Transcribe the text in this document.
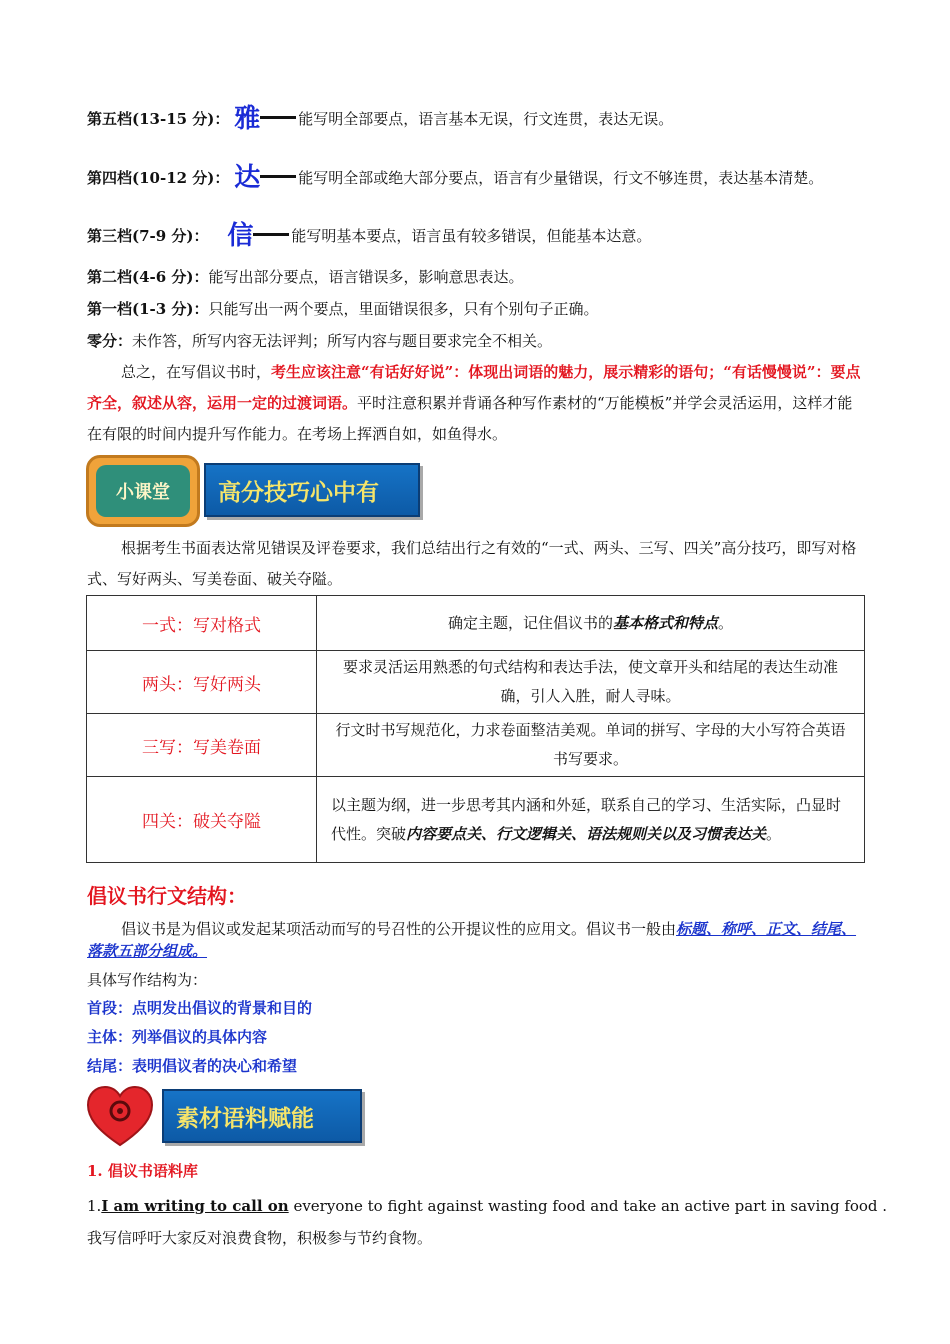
第五档(13-15 分)： 雅	能写明全部要点，语言基本无误，行文连贯，表达无误。
第四档(10-12 分)： 达	能写明全部或绝大部分要点，语言有少量错误，行文不够连贯，表达基本清楚。
第三档(7-9 分)： 信	能写明基本要点，语言虽有较多错误，但能基本达意。
第二档(4-6 分)：能写出部分要点，语言错误多，影响意思表达。
第一档(1-3 分)：只能写出一两个要点，里面错误很多，只有个别句子正确。
零分：未作答，所写内容无法评判；所写内容与题目要求完全不相关。
总之，在写倡议书时，考生应该注意“有话好好说”：体现出词语的魅力，展示精彩的语句；“有话慢慢说”：要点齐全，叙述从容，运用一定的过渡词语。平时注意积累并背诵各种写作素材的“万能模板”并学会灵活运用，这样才能在有限的时间内提升写作能力。在考场上挥洒自如，如鱼得水。
小课堂	高分技巧心中有
根据考生书面表达常见错误及评卷要求，我们总结出行之有效的“一式、两头、三写、四关”高分技巧，即写对格式、写好两头、写美卷面、破关夺隘。
一式：写对格式	确定主题，记住倡议书的基本格式和特点。
两头：写好两头	要求灵活运用熟悉的句式结构和表达手法，使文章开头和结尾的表达生动准确，引人入胜，耐人寻味。
三写：写美卷面	行文时书写规范化，力求卷面整洁美观。单词的拼写、字母的大小写符合英语书写要求。
四关：破关夺隘	以主题为纲，进一步思考其内涵和外延，联系自己的学习、生活实际，凸显时代性。突破内容要点关、行文逻辑关、语法规则关以及习惯表达关。
倡议书行文结构：
倡议书是为倡议或发起某项活动而写的号召性的公开提议性的应用文。倡议书一般由标题、称呼、正文、结尾、落款五部分组成。
具体写作结构为：
首段：点明发出倡议的背景和目的
主体：列举倡议的具体内容
结尾：表明倡议者的决心和希望
素材语料赋能
1. 倡议书语料库
1.I am writing to call on everyone to fight against wasting food and take an active part in saving food .
我写信呼吁大家反对浪费食物，积极参与节约食物。
